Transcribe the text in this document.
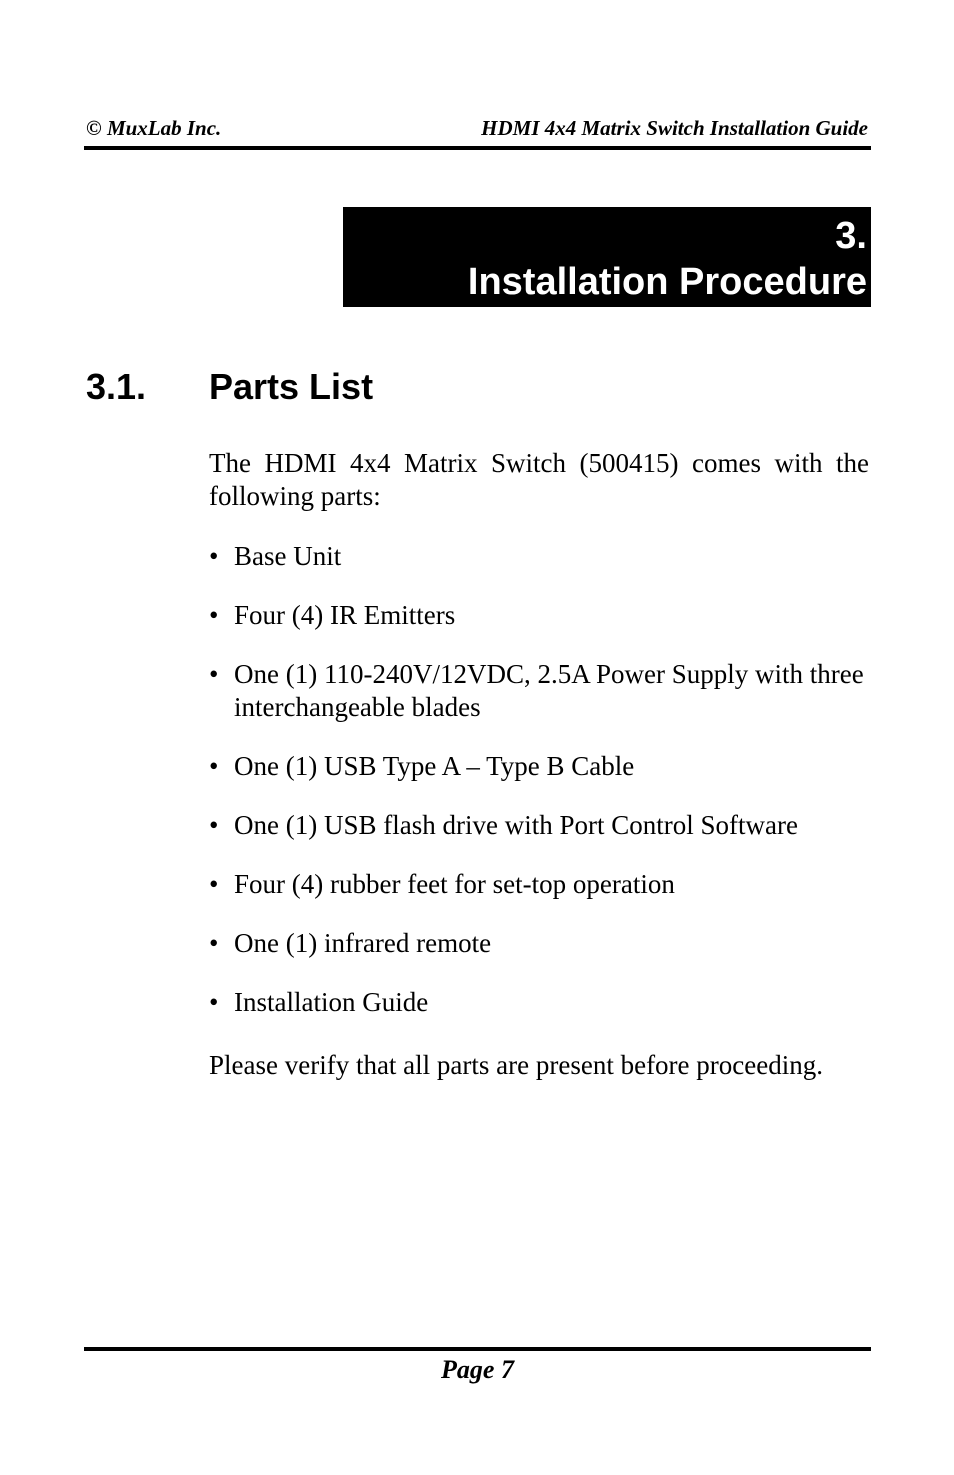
© MuxLab Inc.	HDMI 4x4 Matrix Switch Installation Guide
3.
Installation Procedure
3.1. Parts List

The HDMI 4x4 Matrix Switch (500415) comes with the following parts:

• Base Unit
• Four (4) IR Emitters
• One (1) 110-240V/12VDC, 2.5A Power Supply with three interchangeable blades
• One (1) USB Type A – Type B Cable
• One (1) USB flash drive with Port Control Software
• Four (4) rubber feet for set-top operation
• One (1) infrared remote
• Installation Guide

Please verify that all parts are present before proceeding.

Page 7
